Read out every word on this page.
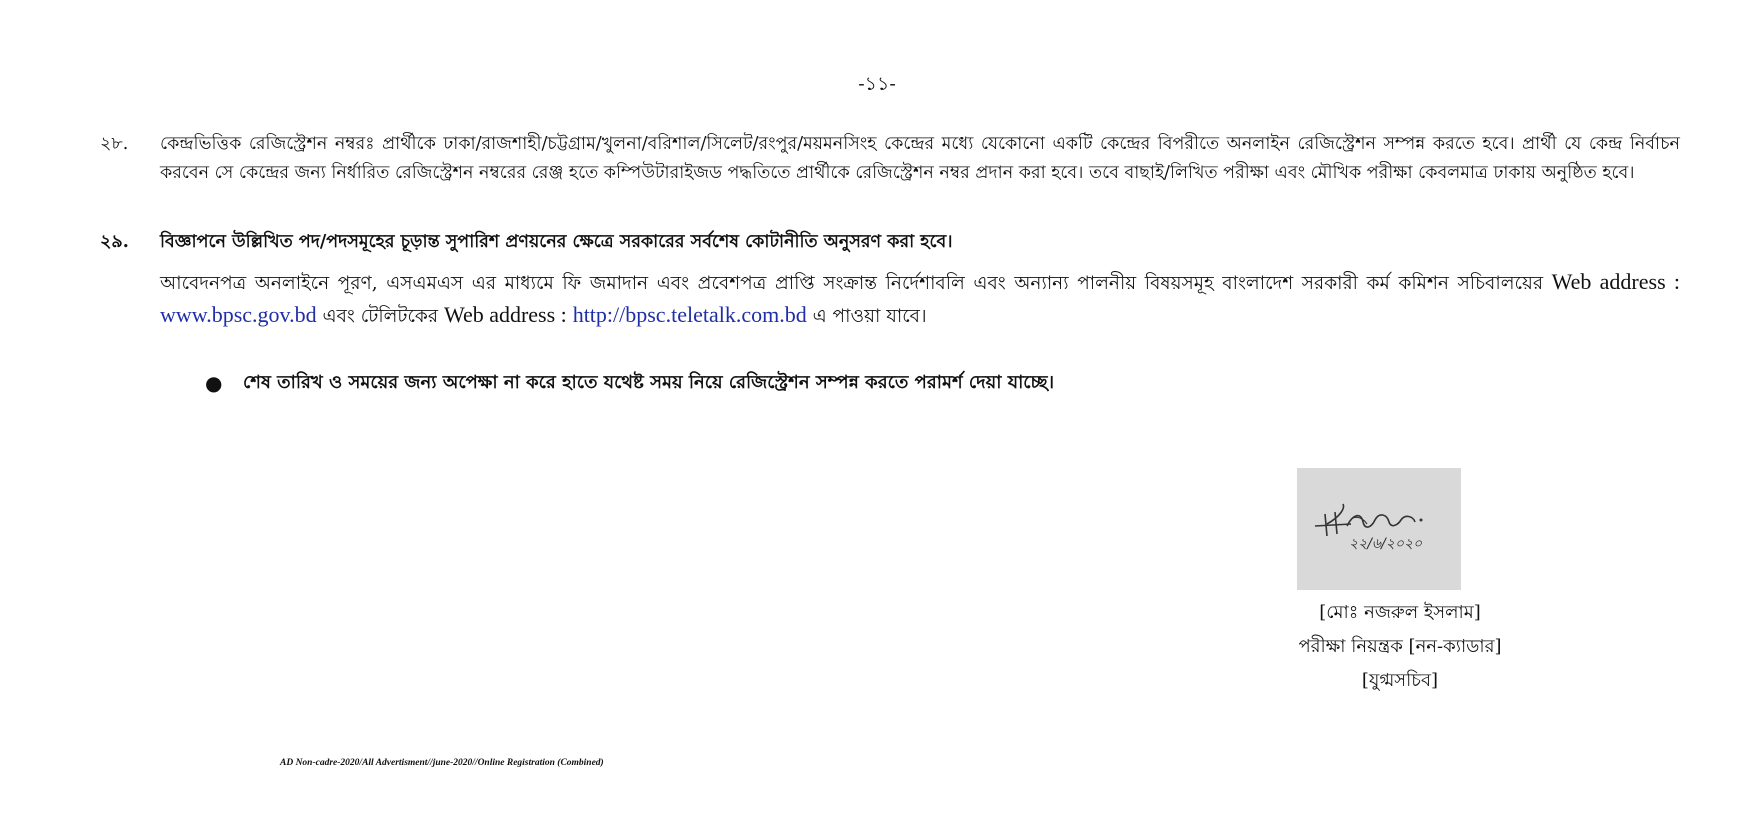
-১১-
২৮.	কেন্দ্রভিত্তিক রেজিস্ট্রেশন নম্বরঃ প্রার্থীকে ঢাকা/রাজশাহী/চট্টগ্রাম/খুলনা/বরিশাল/সিলেট/রংপুর/ময়মনসিংহ কেন্দ্রের মধ্যে যেকোনো একটি কেন্দ্রের বিপরীতে অনলাইন রেজিস্ট্রেশন সম্পন্ন করতে হবে। প্রার্থী যে কেন্দ্র নির্বাচন করবেন সে কেন্দ্রের জন্য নির্ধারিত রেজিস্ট্রেশন নম্বরের রেঞ্জ হতে কম্পিউটারাইজড পদ্ধতিতে প্রার্থীকে রেজিস্ট্রেশন নম্বর প্রদান করা হবে। তবে বাছাই/লিখিত পরীক্ষা এবং মৌখিক পরীক্ষা কেবলমাত্র ঢাকায় অনুষ্ঠিত হবে।
২৯.	বিজ্ঞাপনে উল্লিখিত পদ/পদসমূহের চূড়ান্ত সুপারিশ প্রণয়নের ক্ষেত্রে সরকারের সর্বশেষ কোটানীতি অনুসরণ করা হবে।
আবেদনপত্র অনলাইনে পূরণ, এসএমএস এর মাধ্যমে ফি জমাদান এবং প্রবেশপত্র প্রাপ্তি সংক্রান্ত নির্দেশাবলি এবং অন্যান্য পালনীয় বিষয়সমূহ বাংলাদেশ সরকারী কর্ম কমিশন সচিবালয়ের Web address : www.bpsc.gov.bd এবং টেলিটকের Web address : http://bpsc.teletalk.com.bd এ পাওয়া যাবে।
●	শেষ তারিখ ও সময়ের জন্য অপেক্ষা না করে হাতে যথেষ্ট সময় নিয়ে রেজিস্ট্রেশন সম্পন্ন করতে পরামর্শ দেয়া যাচ্ছে।
২২/৬/২০২০
[মোঃ নজরুল ইসলাম]
পরীক্ষা নিয়ন্ত্রক [নন-ক্যাডার]
[যুগ্মসচিব]
AD Non-cadre-2020/All Advertisment//june-2020//Online Registration (Combined)
